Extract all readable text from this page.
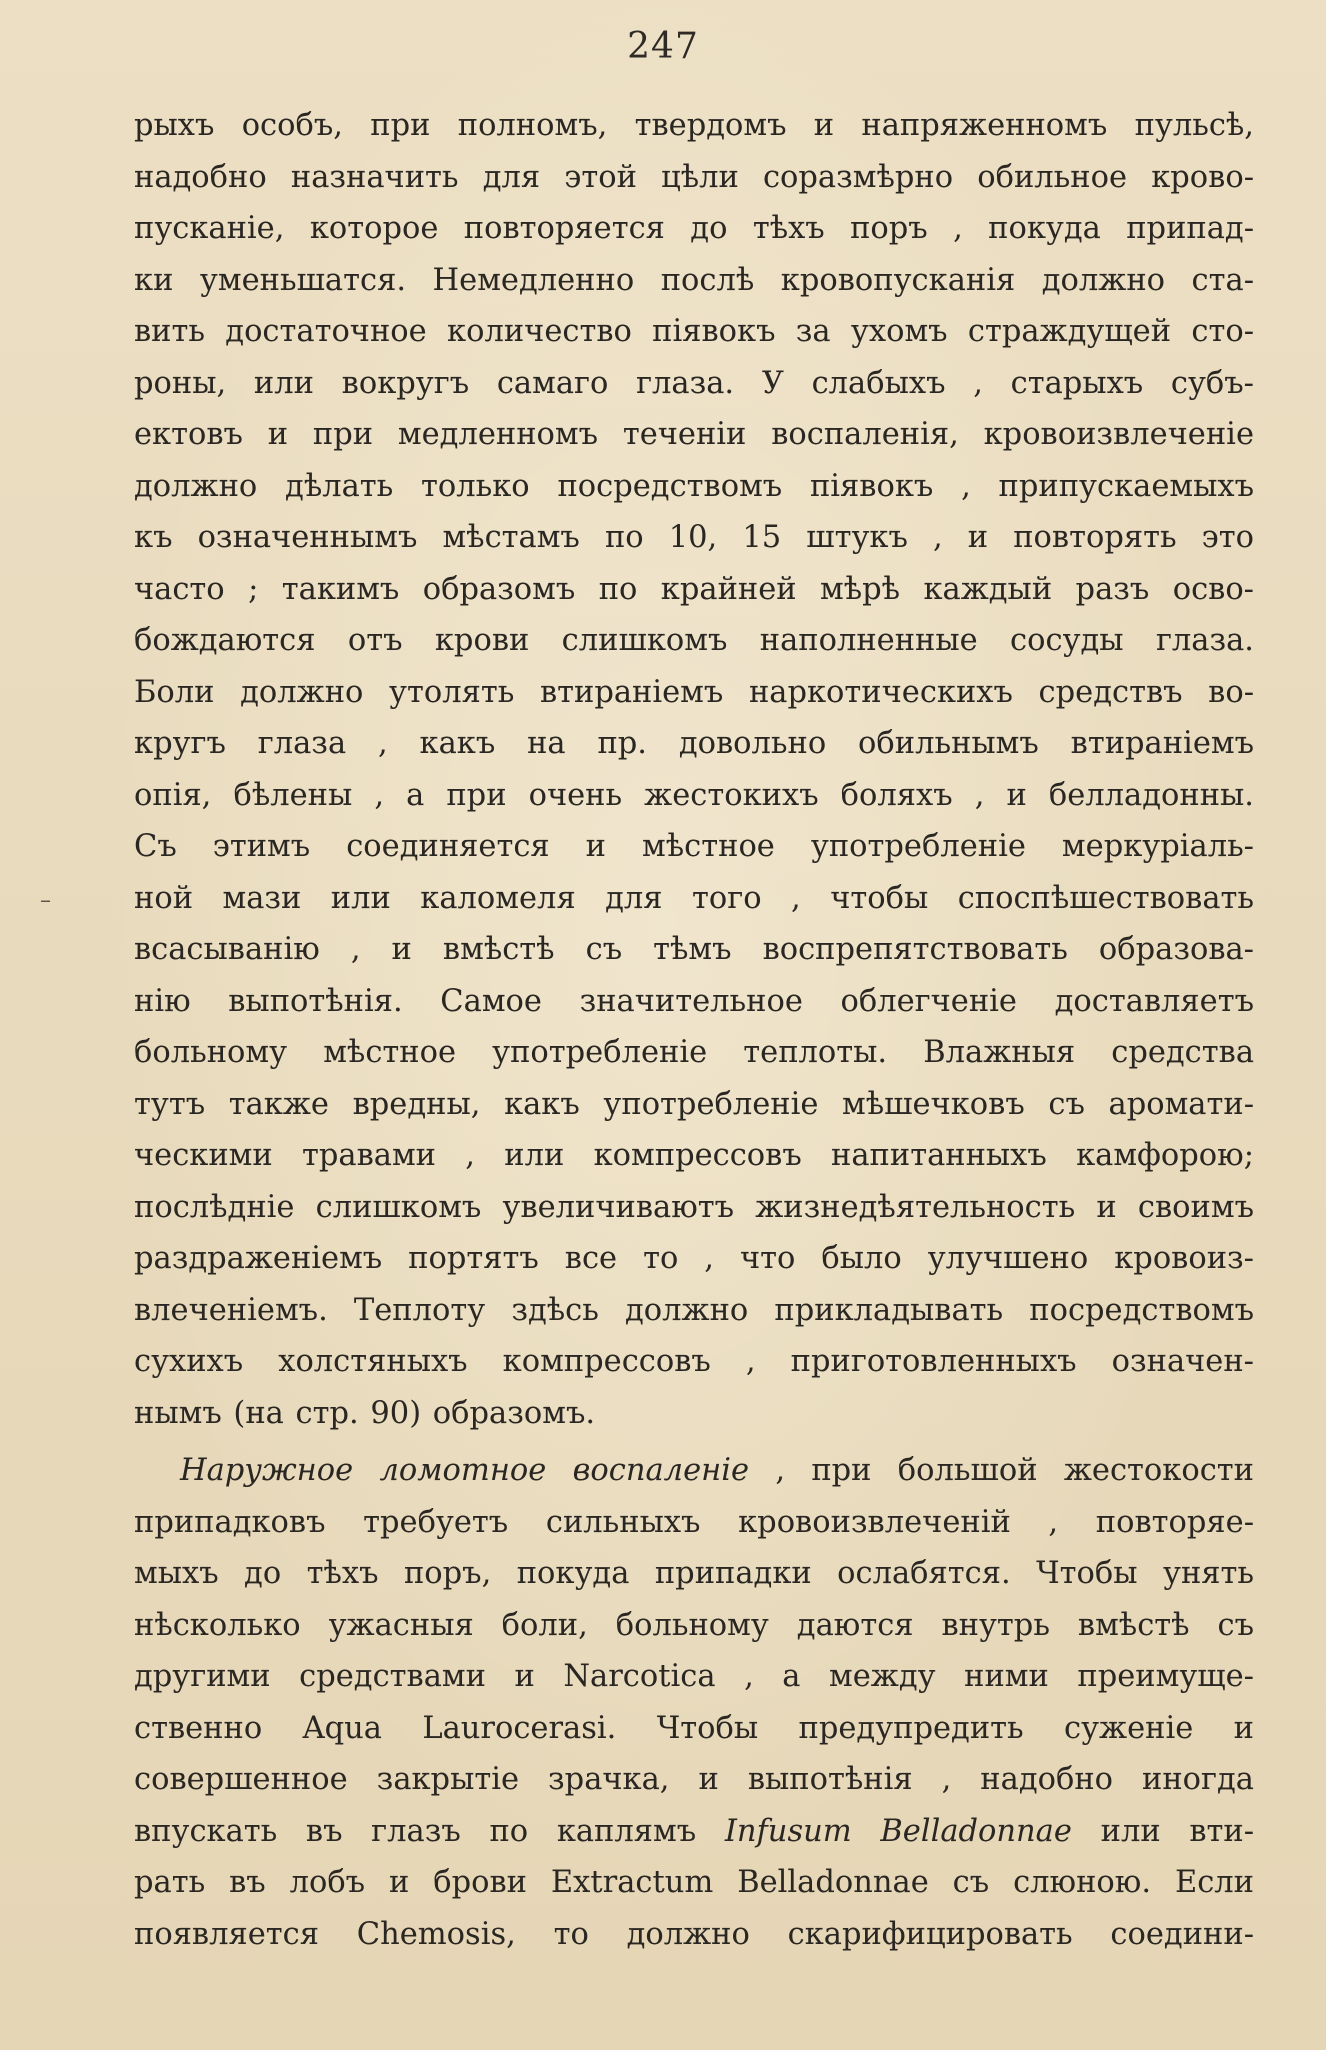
247
рыхъ особъ, при полномъ, твердомъ и напряженномъ пульсѣ,
надобно назначить для этой цѣли соразмѣрно обильное крово-
пусканіе, которое повторяется до тѣхъ поръ , покуда припад-
ки уменьшатся. Немедленно послѣ кровопусканія должно ста-
вить достаточное количество піявокъ за ухомъ страждущей сто-
роны, или вокругъ самаго глаза. У слабыхъ , старыхъ субъ-
ектовъ и при медленномъ теченіи воспаленія, кровоизвлеченіе
должно дѣлать только посредствомъ піявокъ , припускаемыхъ
къ означеннымъ мѣстамъ по 10, 15 штукъ , и повторять это
часто ; такимъ образомъ по крайней мѣрѣ каждый разъ осво-
бождаются отъ крови слишкомъ наполненные сосуды глаза.
Боли должно утолять втираніемъ наркотическихъ средствъ во-
кругъ глаза , какъ на пр. довольно обильнымъ втираніемъ
опія, бѣлены , а при очень жестокихъ боляхъ , и белладонны.
Съ этимъ соединяется и мѣстное употребленіе меркуріаль-
ной мази или каломеля для того , чтобы споспѣшествовать
всасыванію , и вмѣстѣ съ тѣмъ воспрепятствовать образова-
нію выпотѣнія. Самое значительное облегченіе доставляетъ
больному мѣстное употребленіе теплоты. Влажныя средства
тутъ также вредны, какъ употребленіе мѣшечковъ съ аромати-
ческими травами , или компрессовъ напитанныхъ камфорою;
послѣдніе слишкомъ увеличиваютъ жизнедѣятельность и своимъ
раздраженіемъ портятъ все то , что было улучшено кровоиз-
влеченіемъ. Теплоту здѣсь должно прикладывать посредствомъ
сухихъ холстяныхъ компрессовъ , приготовленныхъ означен-
нымъ (на стр. 90) образомъ.
Наружное ломотное воспаленіе , при большой жестокости
припадковъ требуетъ сильныхъ кровоизвлеченій , повторяе-
мыхъ до тѣхъ поръ, покуда припадки ослабятся. Чтобы унять
нѣсколько ужасныя боли, больному даются внутрь вмѣстѣ съ
другими средствами и Narcotica , а между ними преимуще-
ственно Aqua Laurocerasi. Чтобы предупредить суженіе и
совершенное закрытіе зрачка, и выпотѣнія , надобно иногда
впускать въ глазъ по каплямъ Infusum Belladonnae или вти-
рать въ лобъ и брови Extractum Belladonnae съ слюною. Если
появляется Chemosis, то должно скарифицировать соедини-
–
